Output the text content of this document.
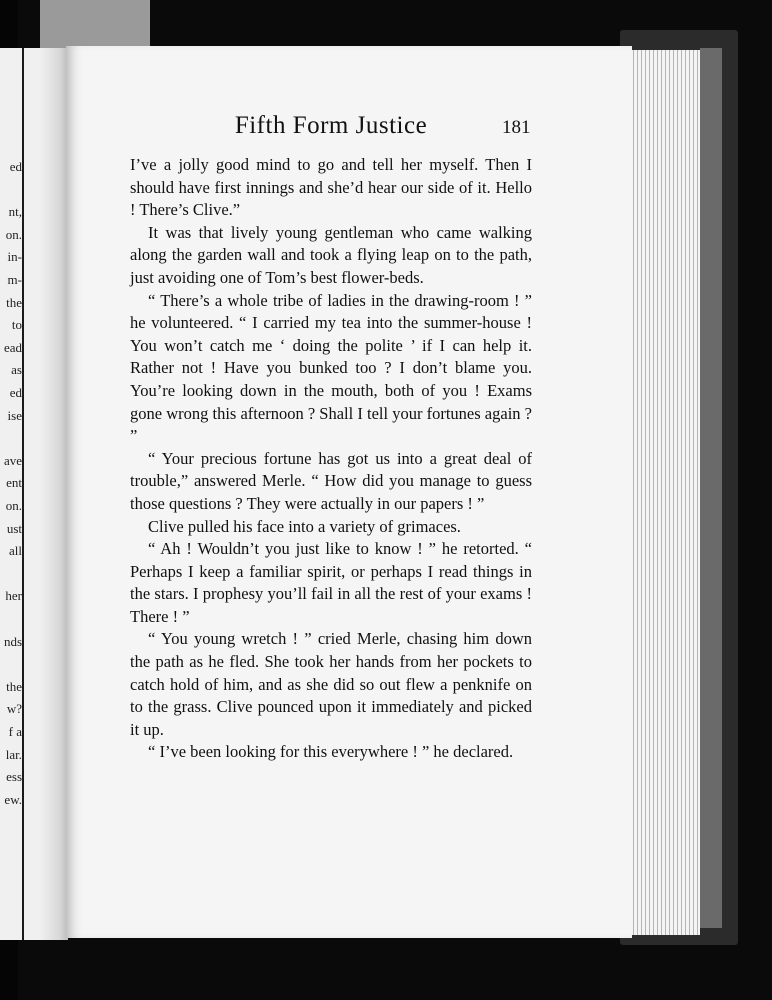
ed
nt,
on.
in-
m-
the
to
ead
as
ed
ise
ave
ent
on.
ust
all
her
nds
the
w?
f a
lar.
ess
ew.
Fifth Form Justice	181

I’ve a jolly good mind to go and tell her myself. Then I should have first innings and she’d hear our side of it. Hello ! There’s Clive.”

It was that lively young gentleman who came walking along the garden wall and took a flying leap on to the path, just avoiding one of Tom’s best flower-beds.

“ There’s a whole tribe of ladies in the drawing-room ! ” he volunteered. “ I carried my tea into the summer-house ! You won’t catch me ‘ doing the polite ’ if I can help it. Rather not ! Have you bunked too ? I don’t blame you. You’re looking down in the mouth, both of you ! Exams gone wrong this afternoon ? Shall I tell your fortunes again ? ”

“ Your precious fortune has got us into a great deal of trouble,” answered Merle. “ How did you manage to guess those questions ? They were actually in our papers ! ”

Clive pulled his face into a variety of grimaces.

“ Ah ! Wouldn’t you just like to know ! ” he retorted. “ Perhaps I keep a familiar spirit, or perhaps I read things in the stars. I prophesy you’ll fail in all the rest of your exams ! There ! ”

“ You young wretch ! ” cried Merle, chasing him down the path as he fled. She took her hands from her pockets to catch hold of him, and as she did so out flew a penknife on to the grass. Clive pounced upon it immediately and picked it up.

“ I’ve been looking for this everywhere ! ” he declared.
